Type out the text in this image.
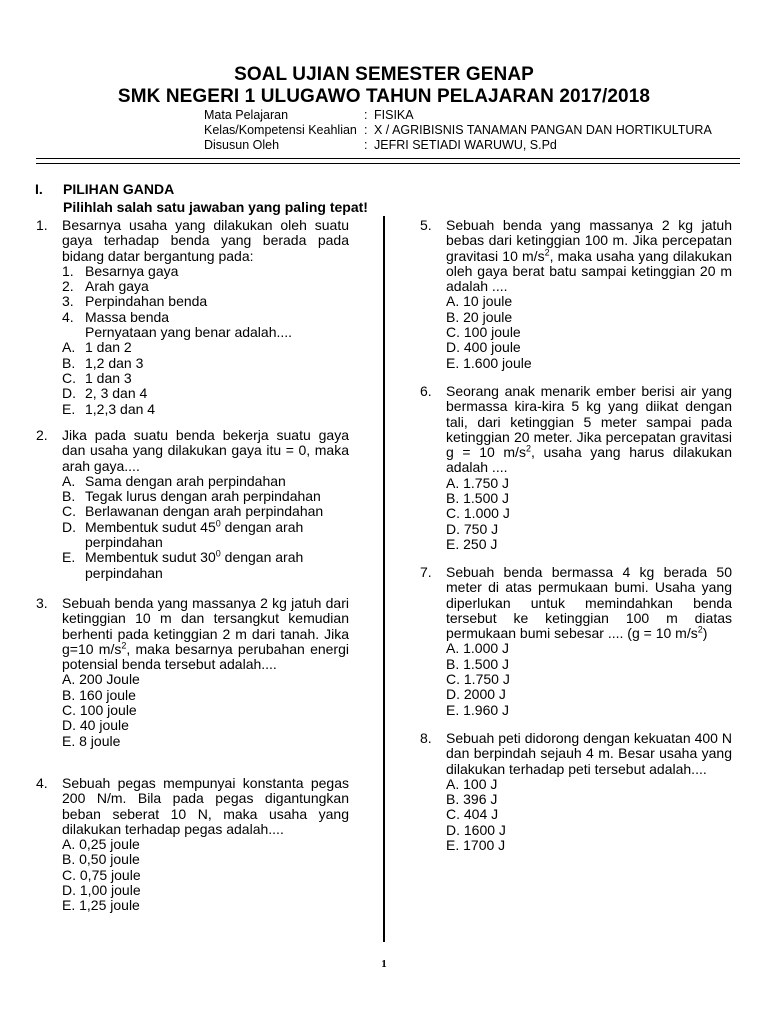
SOAL UJIAN SEMESTER GENAP
SMK NEGERI 1 ULUGAWO TAHUN PELAJARAN 2017/2018
Mata Pelajaran	: FISIKA
Kelas/Kompetensi Keahlian : X / AGRIBISNIS TANAMAN PANGAN DAN HORTIKULTURA
Disusun Oleh	: JEFRI SETIADI WARUWU, S.Pd
I. PILIHAN GANDA
Pilihlah salah satu jawaban yang paling tepat!
1.	Besarnya usaha yang dilakukan oleh suatu gaya terhadap benda yang berada pada bidang datar bergantung pada:
1. Besarnya gaya
2. Arah gaya
3. Perpindahan benda
4. Massa benda
Pernyataan yang benar adalah....
A. 1 dan 2
B. 1,2 dan 3
C. 1 dan 3
D. 2, 3 dan 4
E. 1,2,3 dan 4
2.	Jika pada suatu benda bekerja suatu gaya dan usaha yang dilakukan gaya itu = 0, maka arah gaya....
A. Sama dengan arah perpindahan
B. Tegak lurus dengan arah perpindahan
C. Berlawanan dengan arah perpindahan
D. Membentuk sudut $45^0$ dengan arah
perpindahan
E. Membentuk sudut $30^0$ dengan arah
perpindahan
3.	Sebuah benda yang massanya 2 kg jatuh dari ketinggian 10 m dan tersangkut kemudian berhenti pada ketinggian 2 m dari tanah. Jika g=10 $m/s^2$, maka besarnya perubahan energi potensial benda tersebut adalah....
A. 200 Joule
B. 160 joule
C. 100 joule
D. 40 joule
E. 8 joule
4.	Sebuah pegas mempunyai konstanta pegas 200 N/m. Bila pada pegas digantungkan beban seberat 10 N, maka usaha yang dilakukan terhadap pegas adalah....
A. 0,25 joule
B. 0,50 joule
C. 0,75 joule
D. 1,00 joule
E. 1,25 joule
5.	Sebuah benda yang massanya 2 kg jatuh bebas dari ketinggian 100 m. Jika percepatan gravitasi 10 $m/s^2$, maka usaha yang dilakukan oleh gaya berat batu sampai ketinggian 20 m adalah ....
A. 10 joule
B. 20 joule
C. 100 joule
D. 400 joule
E. 1.600 joule
6.	Seorang anak menarik ember berisi air yang bermassa kira-kira 5 kg yang diikat dengan tali, dari ketinggian 5 meter sampai pada ketinggian 20 meter. Jika percepatan gravitasi g = 10 $m/s^2$, usaha yang harus dilakukan adalah ....
A. 1.750 J
B. 1.500 J
C. 1.000 J
D. 750 J
E. 250 J
7.	Sebuah benda bermassa 4 kg berada 50 meter di atas permukaan bumi. Usaha yang diperlukan untuk memindahkan benda tersebut ke ketinggian 100 m diatas permukaan bumi sebesar .... (g = 10 $m/s^2$)
A. 1.000 J
B. 1.500 J
C. 1.750 J
D. 2000 J
E. 1.960 J
8.	Sebuah peti didorong dengan kekuatan 400 N dan berpindah sejauh 4 m. Besar usaha yang dilakukan terhadap peti tersebut adalah....
A. 100 J
B. 396 J
C. 404 J
D. 1600 J
E. 1700 J
1
